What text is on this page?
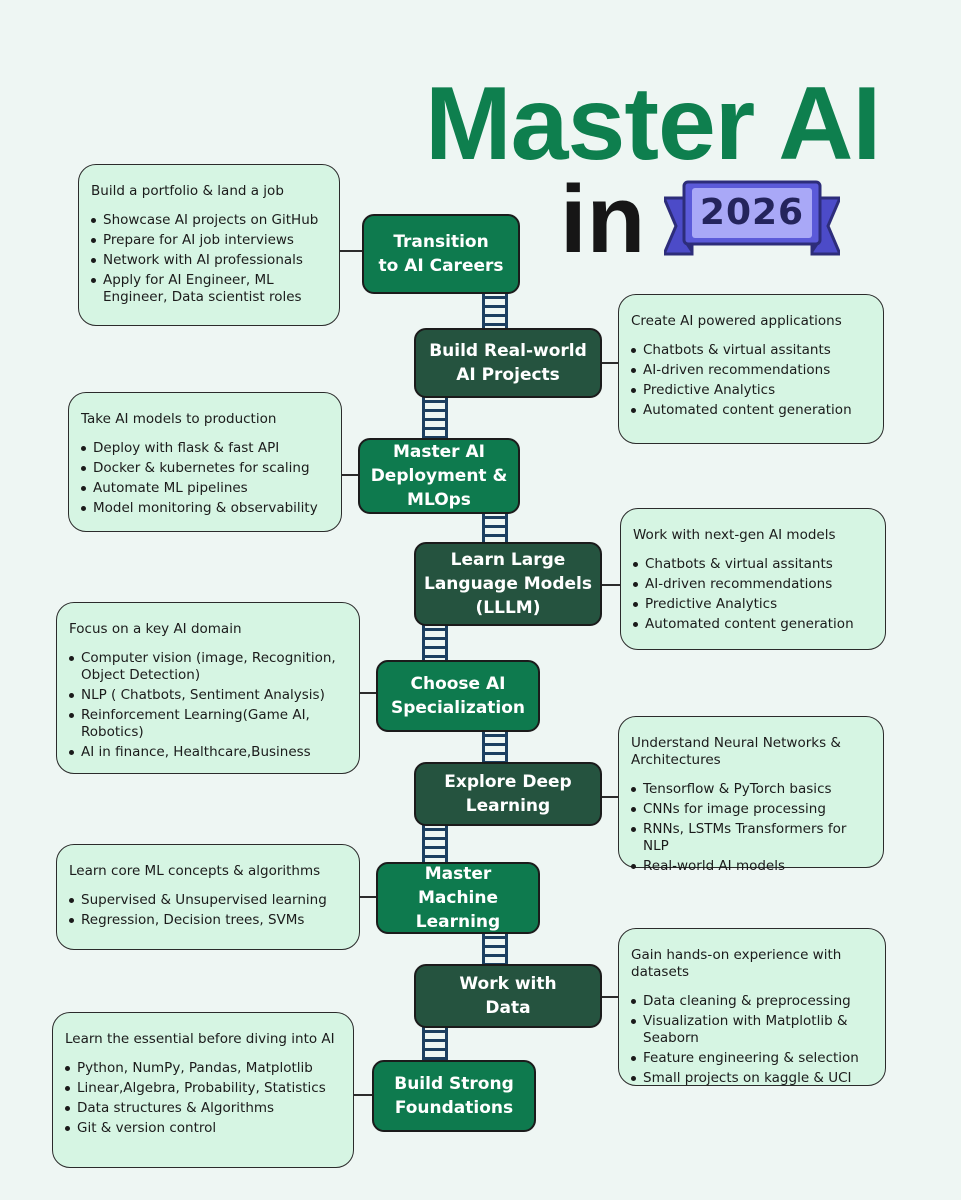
Master AI
in	2026
Transition
to AI Careers
Build Real-world
AI Projects
Master AI
Deployment &
MLOps
Learn Large
Language Models
(LLLM)
Choose AI
Specialization
Explore Deep
Learning
Master Machine
Learning
Work with
Data
Build Strong
Foundations
Build a portfolio & land a job
Showcase AI projects on GitHub
Prepare for AI job interviews
Network with AI professionals
Apply for AI Engineer, ML Engineer, Data scientist roles
Create AI powered applications
Chatbots & virtual assitants
AI-driven recommendations
Predictive Analytics
Automated content generation
Take AI models to production
Deploy with flask & fast API
Docker & kubernetes for scaling
Automate ML pipelines
Model monitoring & observability
Work with next-gen AI models
Chatbots & virtual assitants
AI-driven recommendations
Predictive Analytics
Automated content generation
Focus on a key AI domain
Computer vision (image, Recognition, Object Detection)
NLP ( Chatbots, Sentiment Analysis)
Reinforcement Learning(Game AI, Robotics)
AI in finance, Healthcare,Business
Understand Neural Networks & Architectures
Tensorflow & PyTorch basics
CNNs for image processing
RNNs, LSTMs Transformers for NLP
Real-world AI models
Learn core ML concepts & algorithms
Supervised & Unsupervised learning
Regression, Decision trees, SVMs
Gain hands-on experience with datasets
Data cleaning & preprocessing
Visualization with Matplotlib & Seaborn
Feature engineering & selection
Small projects on kaggle & UCI
Learn the essential before diving into AI
Python, NumPy, Pandas, Matplotlib
Linear,Algebra, Probability, Statistics
Data structures & Algorithms
Git & version control
